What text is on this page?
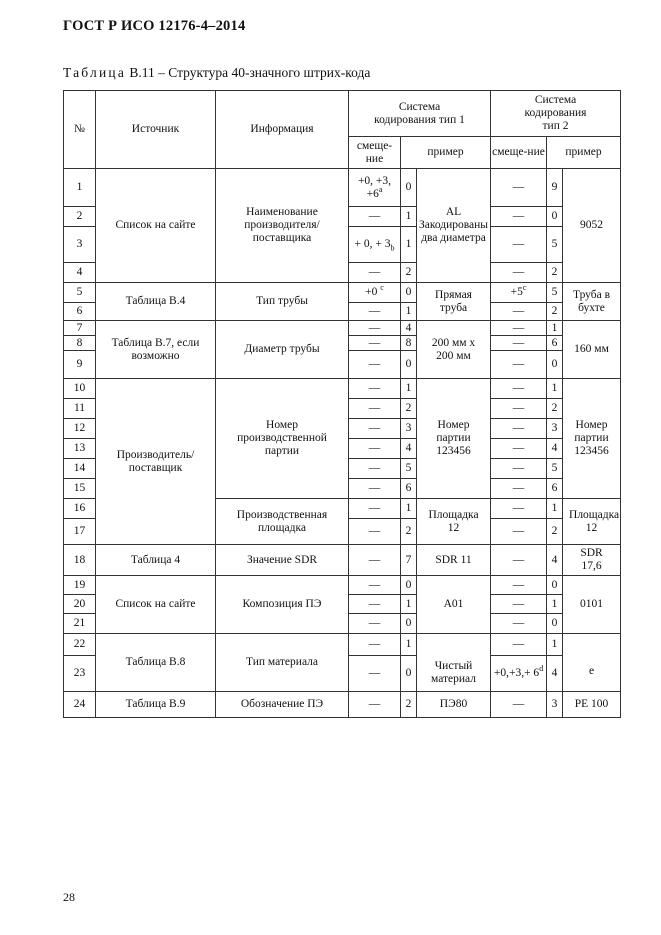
ГОСТ Р ИСО 12176-4–2014
Таблица В.11 – Структура 40-значного штрих-кода
№	Источник	Информация	Система кодирования тип 1			Система кодирования тип 2		
			смеще-ние	пример		смеще-ние	пример	
1	Список на сайте	Наименование производителя/поставщика	+0, +3, $+6^a$	0	AL Закодированы два диаметра	—	9	9052
2			—	1		—	0	
3			+ 0, + $3_b$	1		—	5	
4			—	2		—	2	
5	Таблица В.4	Тип трубы	+0 $^c$	0	Прямая труба	$+5^c$	5	Труба в бухте
6			—	1		—	2	
7	Таблица В.7, если возможно	Диаметр трубы	—	4	200 мм х 200 мм	—	1	160 мм
8			—	8		—	6	
9			—	0		—	0	
10	Производитель/поставщик	Номер производственной партии	—	1	Номер партии 123456	—	1	Номер партии 123456
11			—	2		—	2	
12			—	3		—	3	
13			—	4		—	4	
14			—	5		—	5	
15			—	6		—	6	
16		Производственная площадка	—	1	Площадка 12	—	1	Площадка 12
17			—	2		—	2	
18	Таблица 4	Значение SDR	—	7	SDR 11	—	4	SDR 17,6
19	Список на сайте	Композиция ПЭ	—	0	A01	—	0	0101
20			—	1		—	1	
21			—	0		—	0	
22	Таблица В.8	Тип материала	—	1	Чистый материал	—	1	e
23			—	0		$+0,+3,+ 6^d$	4	
24	Таблица В.9	Обозначение ПЭ	—	2	ПЭ80	—	3	PE 100
28
